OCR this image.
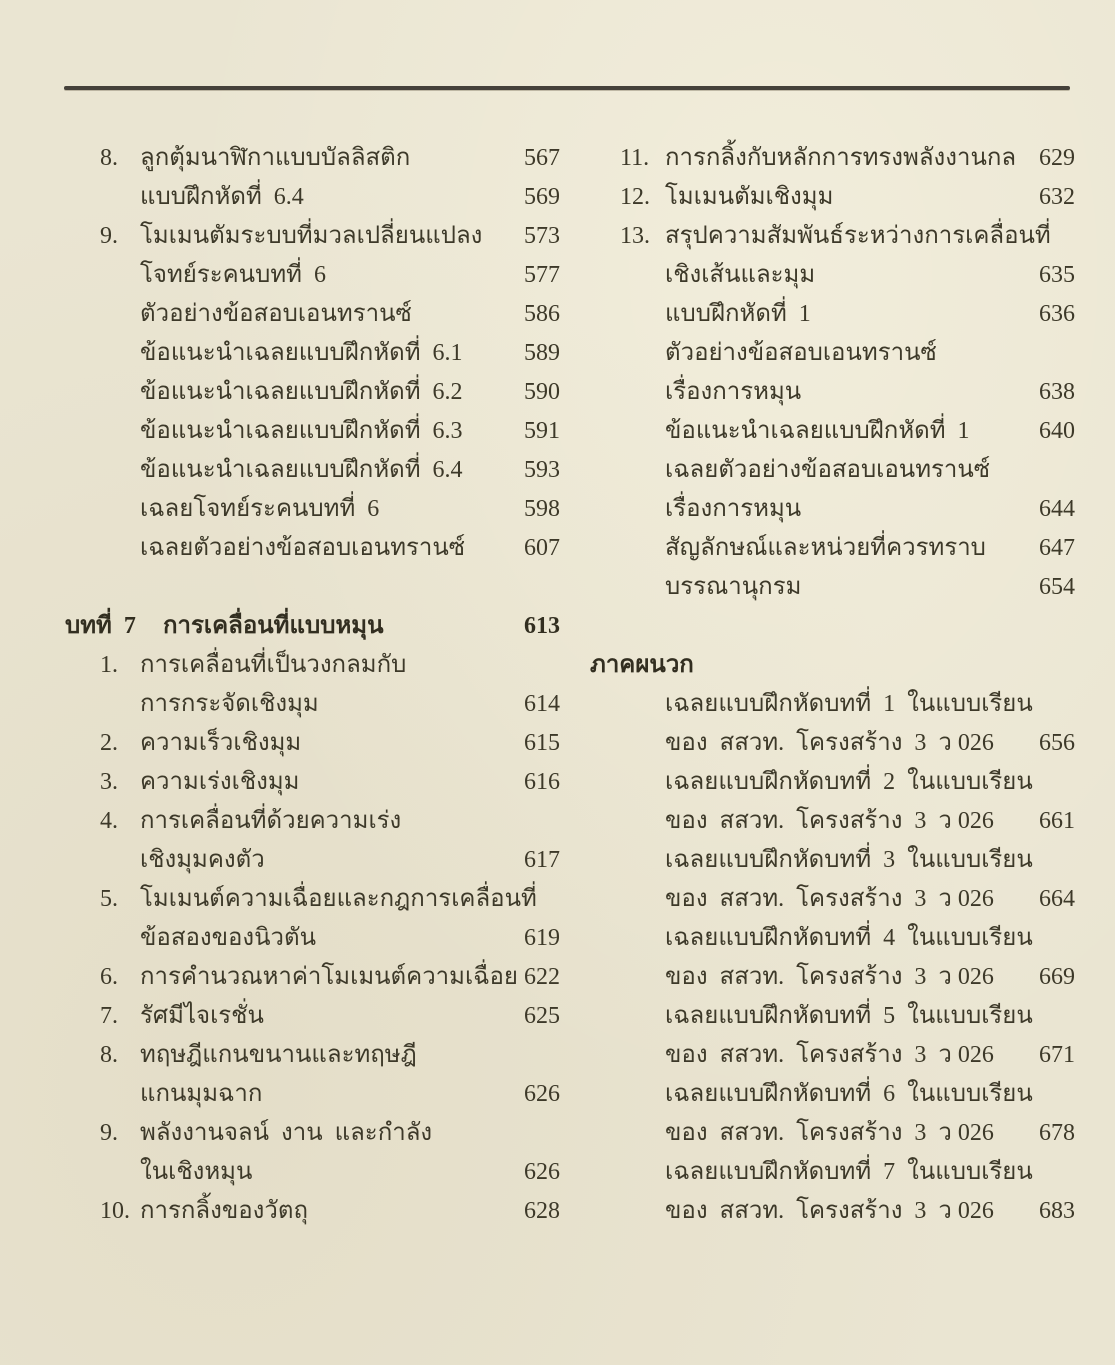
8. ลูกตุ้มนาฬิกาแบบบัลลิสติก	567
แบบฝึกหัดที่  6.4	569
9. โมเมนตัมระบบที่มวลเปลี่ยนแปลง 573
โจทย์ระคนบทที่  6	577
ตัวอย่างข้อสอบเอนทรานซ์	586
ข้อแนะนำเฉลยแบบฝึกหัดที่  6.1	589
ข้อแนะนำเฉลยแบบฝึกหัดที่  6.2	590
ข้อแนะนำเฉลยแบบฝึกหัดที่  6.3	591
ข้อแนะนำเฉลยแบบฝึกหัดที่  6.4	593
เฉลยโจทย์ระคนบทที่  6	598
เฉลยตัวอย่างข้อสอบเอนทรานซ์ 607
บทที่  7	การเคลื่อนที่แบบหมุน	613
1. การเคลื่อนที่เป็นวงกลมกับ
การกระจัดเชิงมุม	614
2. ความเร็วเชิงมุม	615
3. ความเร่งเชิงมุม	616
4. การเคลื่อนที่ด้วยความเร่ง
เชิงมุมคงตัว	617
5. โมเมนต์ความเฉื่อยและกฎการเคลื่อนที่
ข้อสองของนิวตัน	619
6. การคำนวณหาค่าโมเมนต์ความเฉื่อย 622
7. รัศมีไจเรชั่น	625
8. ทฤษฎีแกนขนานและทฤษฎี
แกนมุมฉาก	626
9. พลังงานจลน์  งาน  และกำลัง
ในเชิงหมุน	626
10. การกลิ้งของวัตถุ	628
11. การกลิ้งกับหลักการทรงพลังงานกล 629
12. โมเมนตัมเชิงมุม	632
13. สรุปความสัมพันธ์ระหว่างการเคลื่อนที่
เชิงเส้นและมุม	635
แบบฝึกหัดที่  1	636
ตัวอย่างข้อสอบเอนทรานซ์
เรื่องการหมุน	638
ข้อแนะนำเฉลยแบบฝึกหัดที่  1	640
เฉลยตัวอย่างข้อสอบเอนทรานซ์
เรื่องการหมุน	644
สัญลักษณ์และหน่วยที่ควรทราบ 647
บรรณานุกรม	654
ภาคผนวก
เฉลยแบบฝึกหัดบทที่  1  ในแบบเรียน
ของ  สสวท.  โครงสร้าง  3  ว 026 656
เฉลยแบบฝึกหัดบทที่  2  ในแบบเรียน
ของ  สสวท.  โครงสร้าง  3  ว 026 661
เฉลยแบบฝึกหัดบทที่  3  ในแบบเรียน
ของ  สสวท.  โครงสร้าง  3  ว 026 664
เฉลยแบบฝึกหัดบทที่  4  ในแบบเรียน
ของ  สสวท.  โครงสร้าง  3  ว 026 669
เฉลยแบบฝึกหัดบทที่  5  ในแบบเรียน
ของ  สสวท.  โครงสร้าง  3  ว 026 671
เฉลยแบบฝึกหัดบทที่  6  ในแบบเรียน
ของ  สสวท.  โครงสร้าง  3  ว 026 678
เฉลยแบบฝึกหัดบทที่  7  ในแบบเรียน
ของ  สสวท.  โครงสร้าง  3  ว 026 683
